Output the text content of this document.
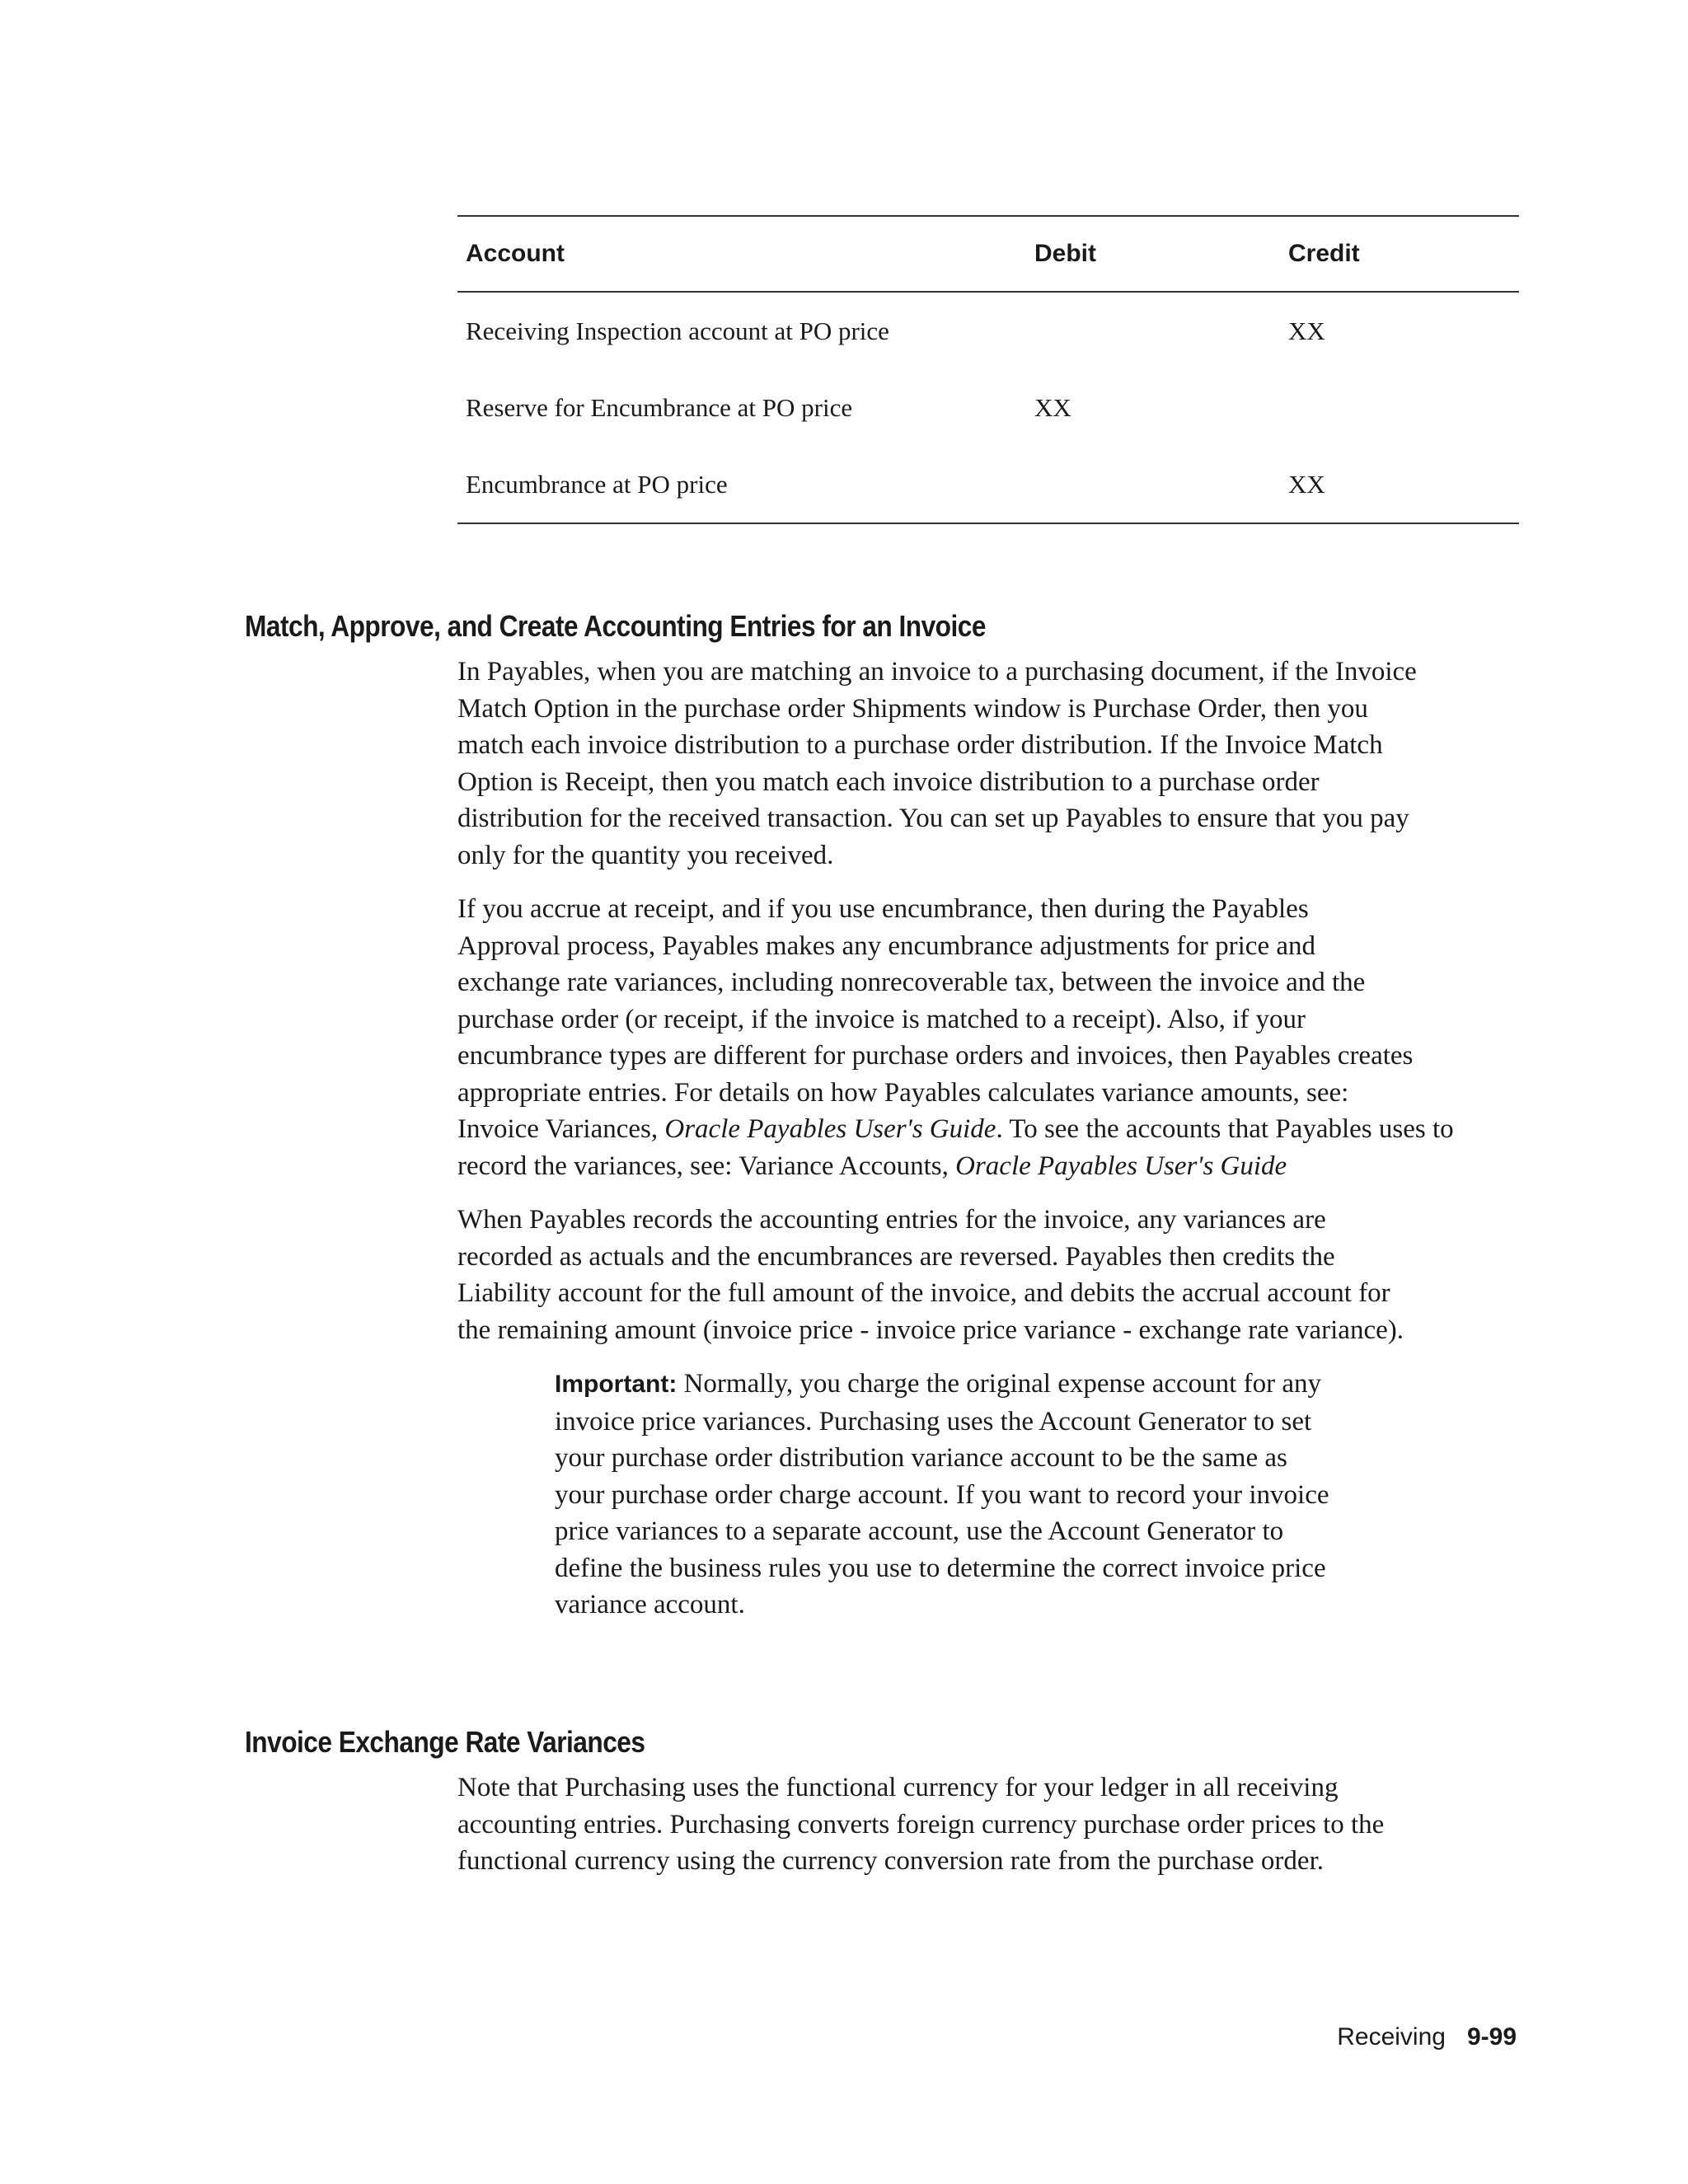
Account	Debit	Credit
Receiving Inspection account at PO price		XX
Reserve for Encumbrance at PO price	XX	
Encumbrance at PO price		XX
Match, Approve, and Create Accounting Entries for an Invoice

In Payables, when you are matching an invoice to a purchasing document, if the Invoice
Match Option in the purchase order Shipments window is Purchase Order, then you
match each invoice distribution to a purchase order distribution. If the Invoice Match
Option is Receipt, then you match each invoice distribution to a purchase order
distribution for the received transaction. You can set up Payables to ensure that you pay
only for the quantity you received.

If you accrue at receipt, and if you use encumbrance, then during the Payables
Approval process, Payables makes any encumbrance adjustments for price and
exchange rate variances, including nonrecoverable tax, between the invoice and the
purchase order (or receipt, if the invoice is matched to a receipt). Also, if your
encumbrance types are different for purchase orders and invoices, then Payables creates
appropriate entries. For details on how Payables calculates variance amounts, see:
Invoice Variances, Oracle Payables User's Guide. To see the accounts that Payables uses to
record the variances, see: Variance Accounts, Oracle Payables User's Guide

When Payables records the accounting entries for the invoice, any variances are
recorded as actuals and the encumbrances are reversed. Payables then credits the
Liability account for the full amount of the invoice, and debits the accrual account for
the remaining amount (invoice price - invoice price variance - exchange rate variance).

Important: Normally, you charge the original expense account for any
invoice price variances. Purchasing uses the Account Generator to set
your purchase order distribution variance account to be the same as
your purchase order charge account. If you want to record your invoice
price variances to a separate account, use the Account Generator to
define the business rules you use to determine the correct invoice price
variance account.
Invoice Exchange Rate Variances

Note that Purchasing uses the functional currency for your ledger in all receiving
accounting entries. Purchasing converts foreign currency purchase order prices to the
functional currency using the currency conversion rate from the purchase order.

Receiving 9-99
